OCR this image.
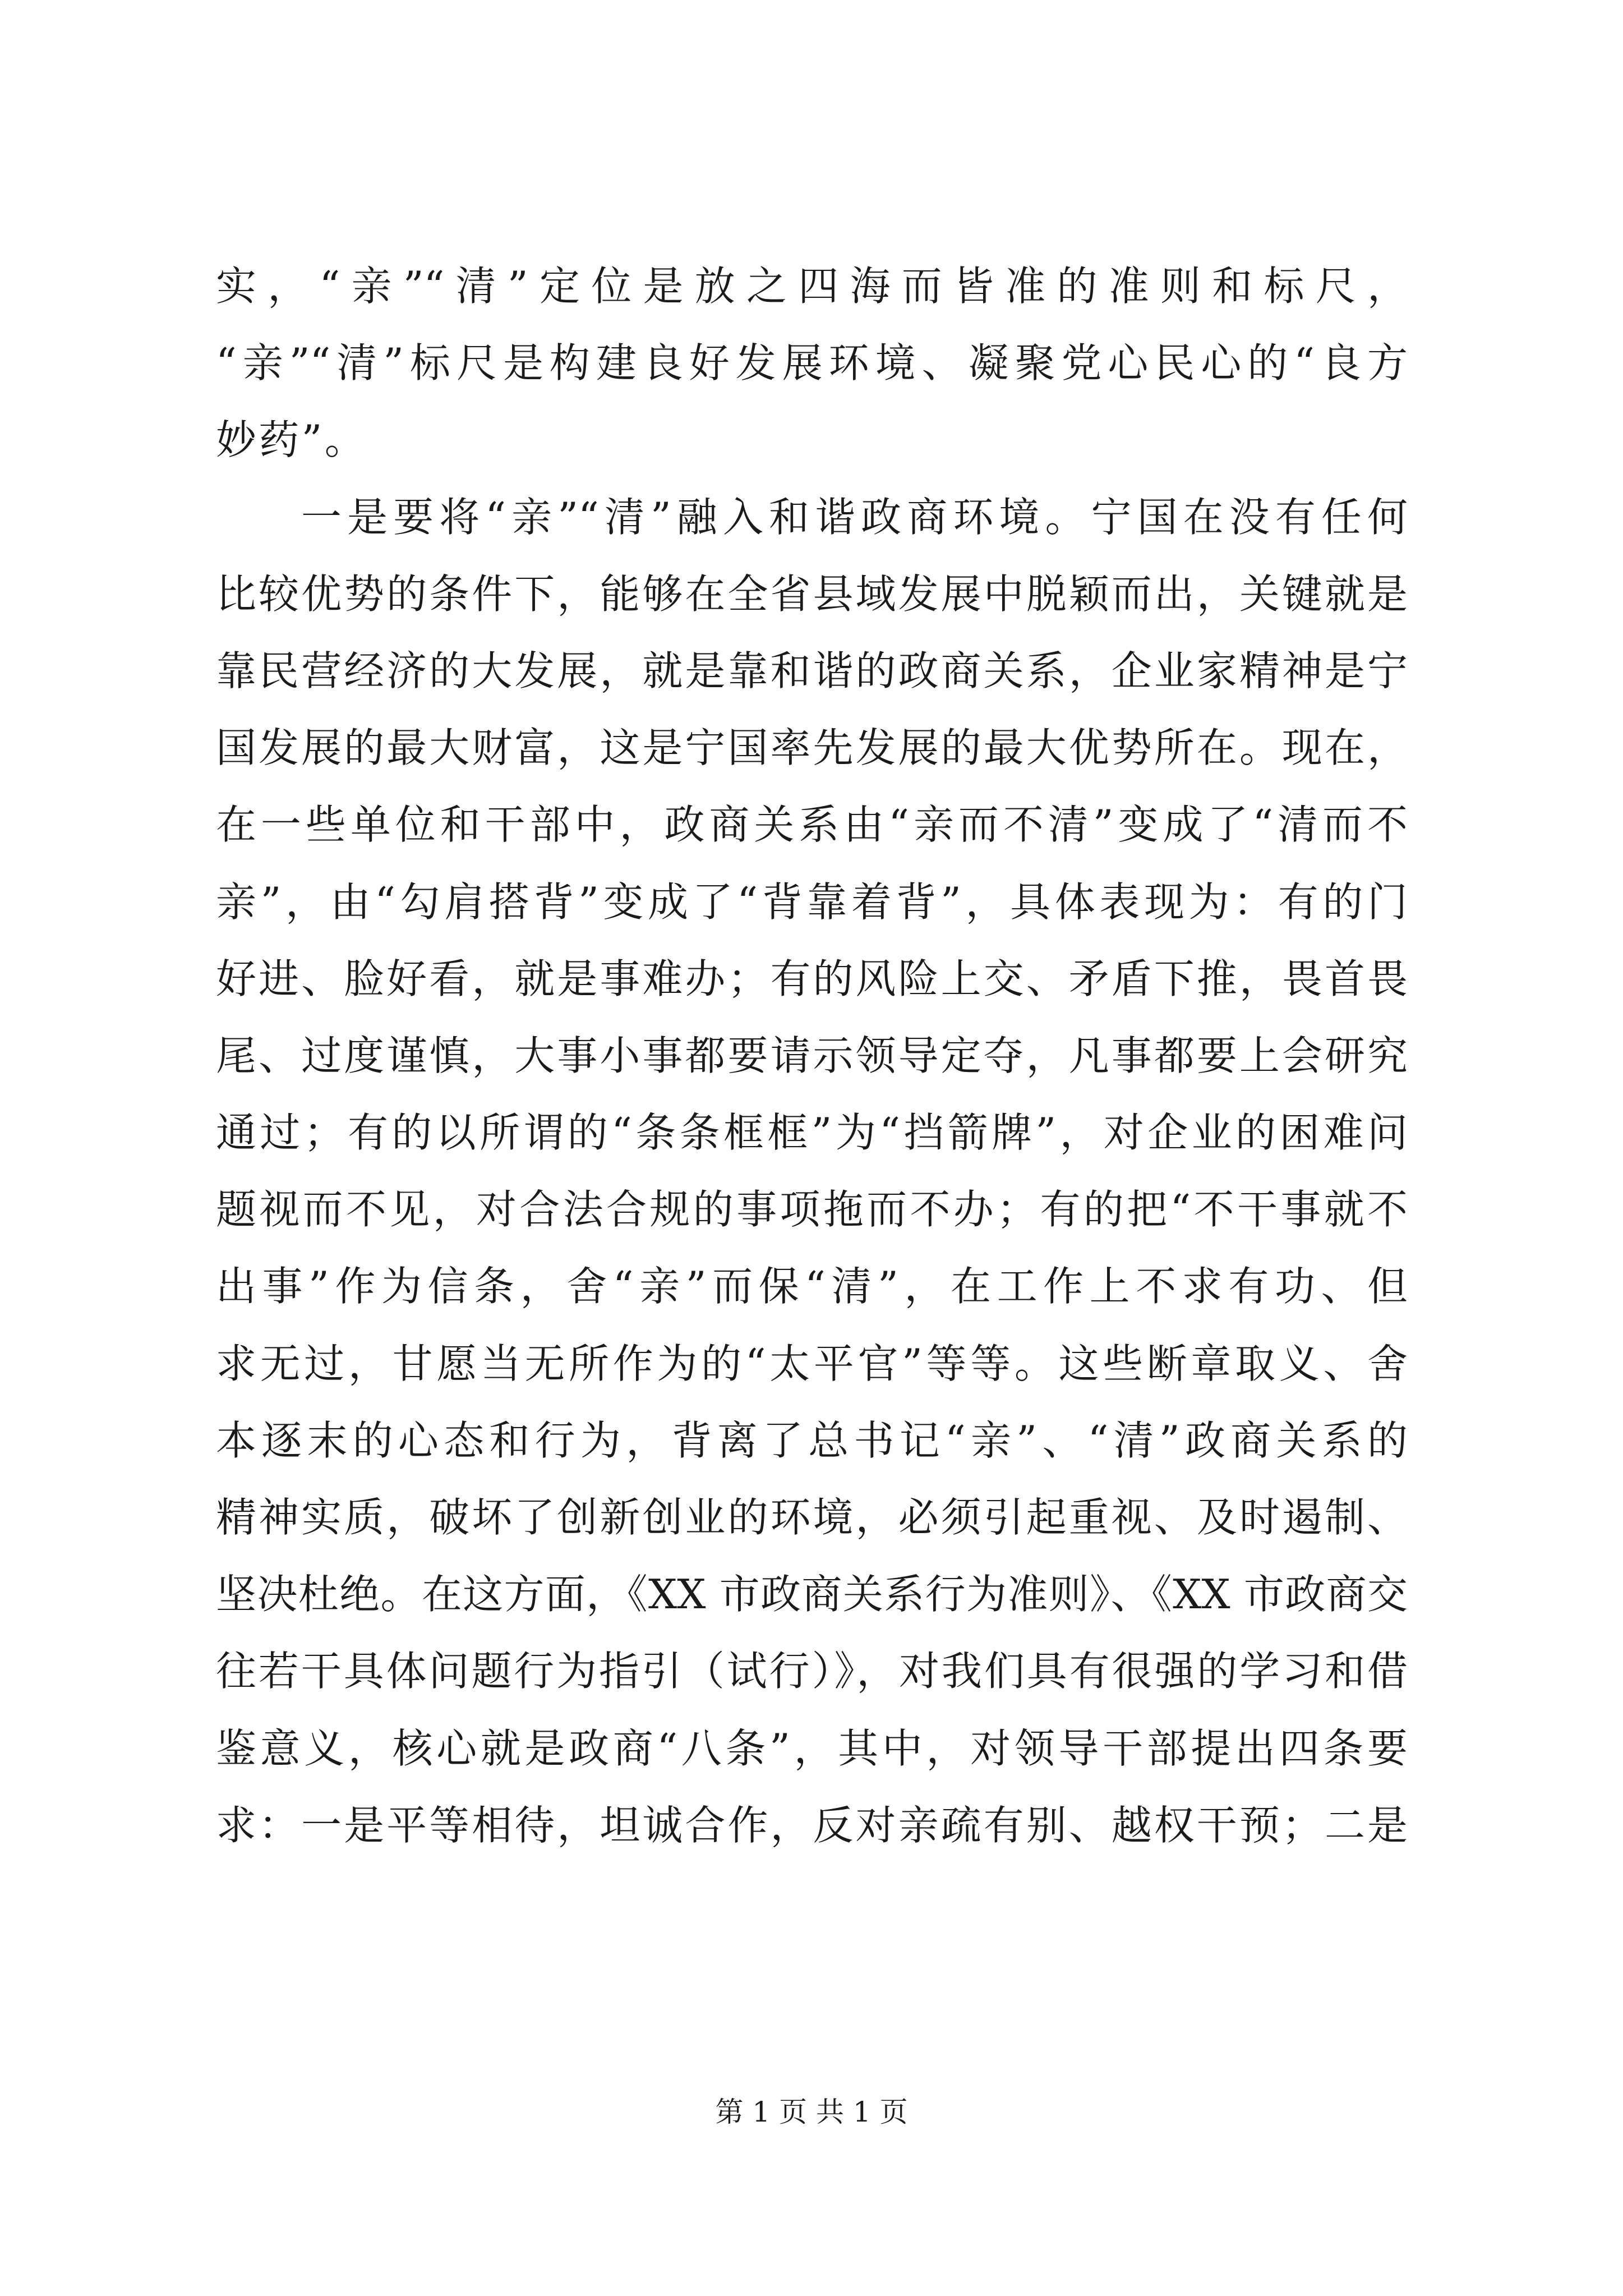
实，“亲”“清”定位是放之四海而皆准的准则和标尺，
“亲”“清”标尺是构建良好发展环境、凝聚党心民心的“良方
妙药”。
一是要将“亲”“清”融入和谐政商环境。宁国在没有任何
比较优势的条件下，能够在全省县域发展中脱颖而出，关键就是
靠民营经济的大发展，就是靠和谐的政商关系，企业家精神是宁
国发展的最大财富，这是宁国率先发展的最大优势所在。现在，
在一些单位和干部中，政商关系由“亲而不清”变成了“清而不
亲”，由“勾肩搭背”变成了“背靠着背”，具体表现为：有的门
好进、脸好看，就是事难办；有的风险上交、矛盾下推，畏首畏
尾、过度谨慎，大事小事都要请示领导定夺，凡事都要上会研究
通过；有的以所谓的“条条框框”为“挡箭牌”，对企业的困难问
题视而不见，对合法合规的事项拖而不办；有的把“不干事就不
出事”作为信条，舍“亲”而保“清”，在工作上不求有功、但
求无过，甘愿当无所作为的“太平官”等等。这些断章取义、舍
本逐末的心态和行为，背离了总书记“亲”、“清”政商关系的
精神实质，破坏了创新创业的环境，必须引起重视、及时遏制、
坚决杜绝。在这方面，《XX 市政商关系行为准则》、《XX 市政商交
往若干具体问题行为指引（试行）》，对我们具有很强的学习和借
鉴意义，核心就是政商“八条”，其中，对领导干部提出四条要
求：一是平等相待，坦诚合作，反对亲疏有别、越权干预；二是
第 1 页 共 1 页
